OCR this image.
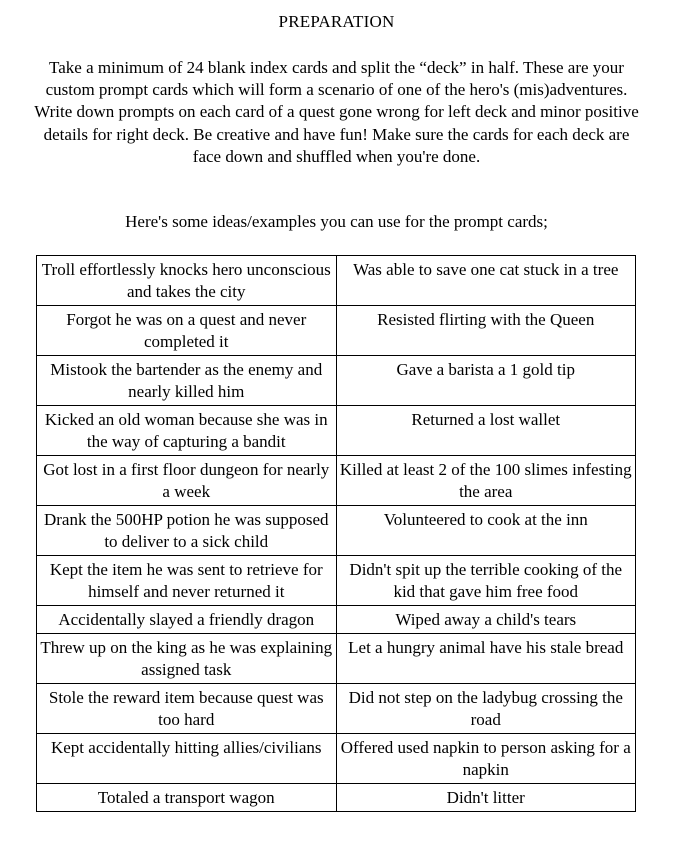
PREPARATION
Take a minimum of 24 blank index cards and split the “deck” in half. These are your custom prompt cards which will form a scenario of one of the hero's (mis)adventures. Write down prompts on each card of a quest gone wrong for left deck and minor positive details for right deck. Be creative and have fun! Make sure the cards for each deck are face down and shuffled when you're done.
Here's some ideas/examples you can use for the prompt cards;
Troll effortlessly knocks hero unconscious and takes the city	Was able to save one cat stuck in a tree
Forgot he was on a quest and never completed it	Resisted flirting with the Queen
Mistook the bartender as the enemy and nearly killed him	Gave a barista a 1 gold tip
Kicked an old woman because she was in the way of capturing a bandit	Returned a lost wallet
Got lost in a first floor dungeon for nearly a week	Killed at least 2 of the 100 slimes infesting the area
Drank the 500HP potion he was supposed to deliver to a sick child	Volunteered to cook at the inn
Kept the item he was sent to retrieve for himself and never returned it	Didn't spit up the terrible cooking of the kid that gave him free food
Accidentally slayed a friendly dragon	Wiped away a child's tears
Threw up on the king as he was explaining assigned task	Let a hungry animal have his stale bread
Stole the reward item because quest was too hard	Did not step on the ladybug crossing the road
Kept accidentally hitting allies/civilians	Offered used napkin to person asking for a napkin
Totaled a transport wagon	Didn't litter
